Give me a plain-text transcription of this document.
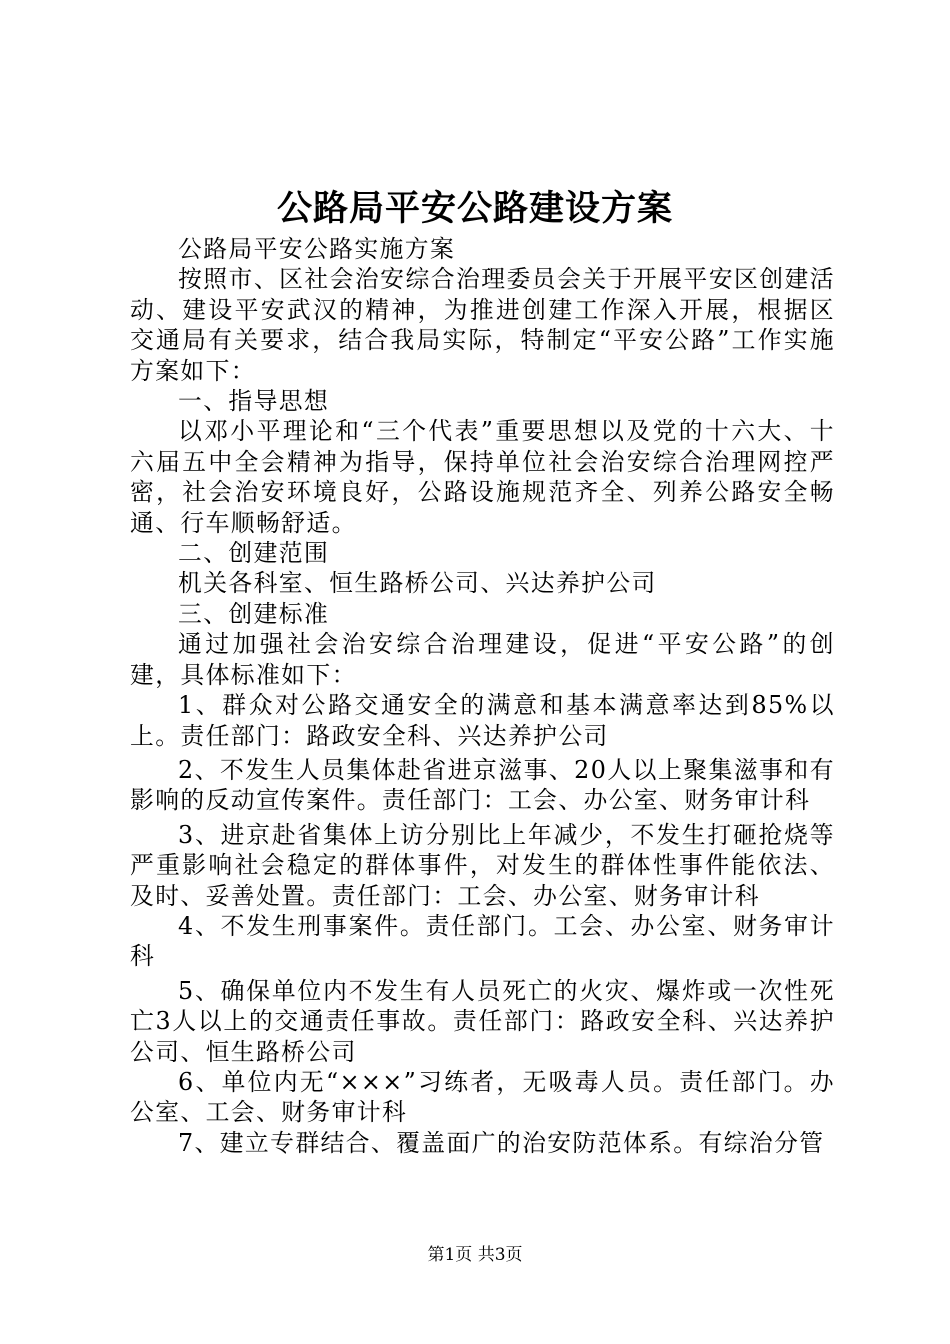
公路局平安公路建设方案

公路局平安公路实施方案

按照市、区社会治安综合治理委员会关于开展平安区创建活动、建设平安武汉的精神，为推进创建工作深入开展，根据区交通局有关要求，结合我局实际，特制定“平安公路”工作实施方案如下：

一、指导思想

以邓小平理论和“三个代表”重要思想以及党的十六大、十六届五中全会精神为指导，保持单位社会治安综合治理网控严密，社会治安环境良好，公路设施规范齐全、列养公路安全畅通、行车顺畅舒适。

二、创建范围

机关各科室、恒生路桥公司、兴达养护公司

三、创建标准

通过加强社会治安综合治理建设，促进“平安公路”的创建，具体标准如下：

1、群众对公路交通安全的满意和基本满意率达到85%以上。责任部门：路政安全科、兴达养护公司

2、不发生人员集体赴省进京滋事、20人以上聚集滋事和有影响的反动宣传案件。责任部门：工会、办公室、财务审计科

3、进京赴省集体上访分别比上年减少，不发生打砸抢烧等严重影响社会稳定的群体事件，对发生的群体性事件能依法、及时、妥善处置。责任部门：工会、办公室、财务审计科

4、不发生刑事案件。责任部门。工会、办公室、财务审计科

5、确保单位内不发生有人员死亡的火灾、爆炸或一次性死亡3人以上的交通责任事故。责任部门：路政安全科、兴达养护公司、恒生路桥公司

6、单位内无“×××”习练者，无吸毒人员。责任部门。办公室、工会、财务审计科

7、建立专群结合、覆盖面广的治安防范体系。有综治分管

第1页 共3页
